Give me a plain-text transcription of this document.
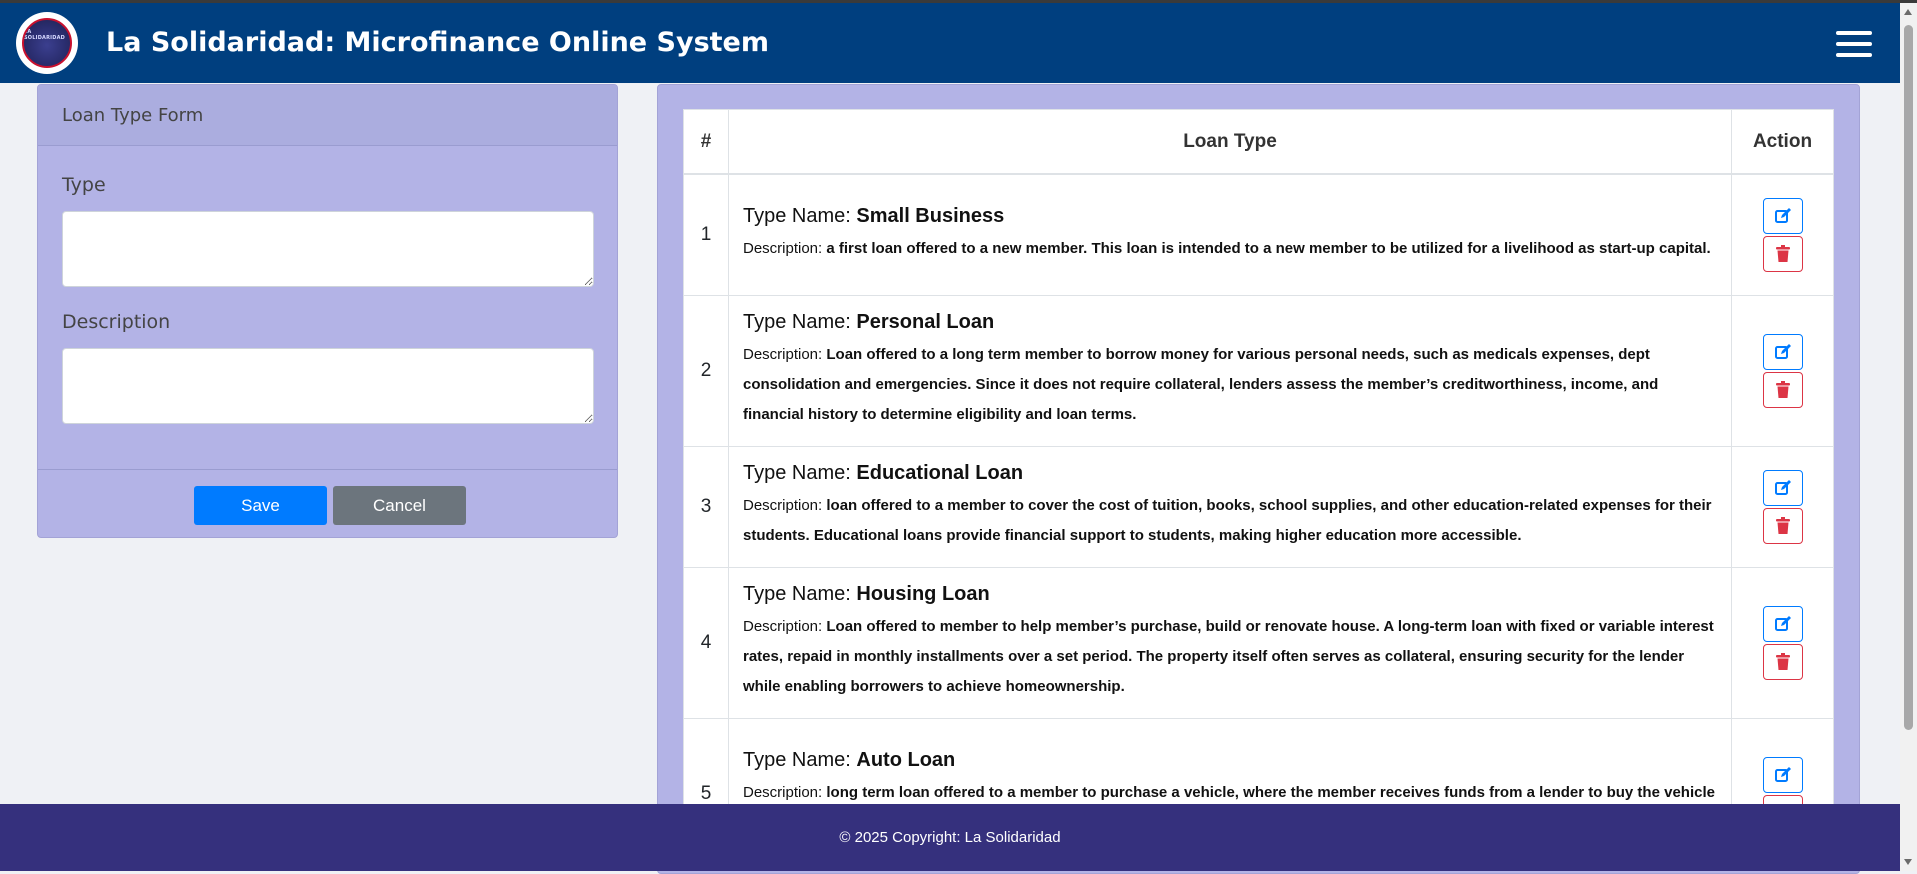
LA SOLIDARIDAD La Solidaridad: Microfinance Online System
Loan Type Form
Type
Description
Save	Cancel
#	Loan Type	Action
1	Type Name: Small Business
Description: a first loan offered to a new member. This loan is intended to a new member to be utilized for a livelihood as start-up capital.

2	Type Name: Personal Loan
Description: Loan offered to a long term member to borrow money for various personal needs, such as medicals expenses, dept consolidation and emergencies. Since it does not require collateral, lenders assess the member’s creditworthiness, income, and financial history to determine eligibility and loan terms.

3	Type Name: Educational Loan
Description: loan offered to a member to cover the cost of tuition, books, school supplies, and other education-related expenses for their students. Educational loans provide financial support to students, making higher education more accessible.

4	Type Name: Housing Loan
Description: Loan offered to member to help member’s purchase, build or renovate house. A long-term loan with fixed or variable interest rates, repaid in monthly installments over a set period. The property itself often serves as collateral, ensuring security for the lender while enabling borrowers to achieve homeownership.

5	Type Name: Auto Loan
Description: long term loan offered to a member to purchase a vehicle, where the member receives funds from a lender to buy the vehicle

© 2025 Copyright: La Solidaridad
